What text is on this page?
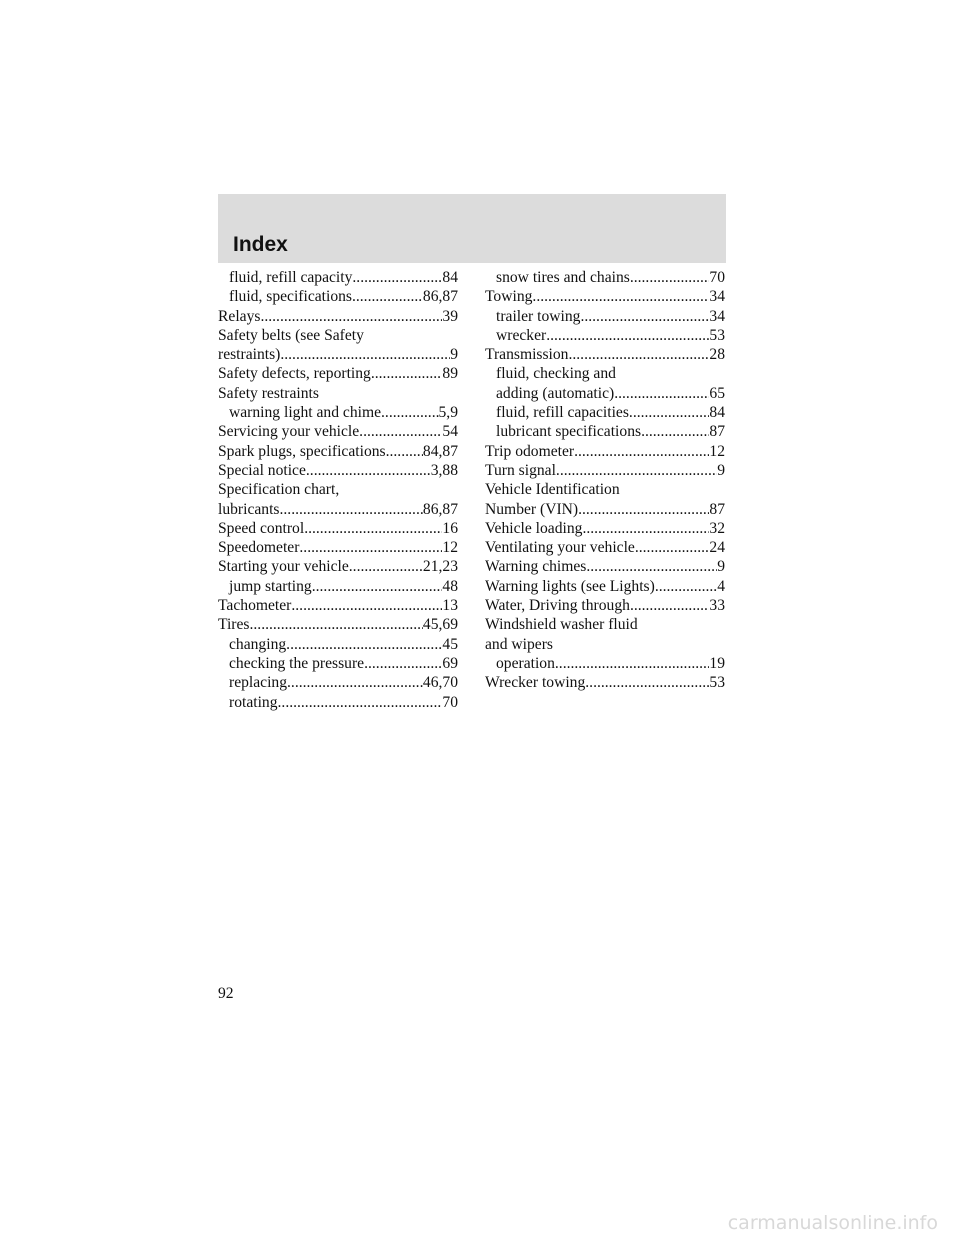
Index
fluid, refill capacity .....	84
fluid, specifications .....	86,87
Relays .....	39
Safety belts (see Safety
restraints) .....	9
Safety defects, reporting .....	89
Safety restraints
warning light and chime .....	5,9
Servicing your vehicle .....	54
Spark plugs, specifications ..... 84,87
Special notice .....	3,88
Specification chart,
lubricants .....	86,87
Speed control .....	16
Speedometer .....	12
Starting your vehicle .....	21,23
jump starting .....	48
Tachometer .....	13
Tires .....	45,69
changing .....	45
checking the pressure .....	69
replacing .....	46,70
rotating .....	70
snow tires and chains .....	70
Towing .....	34
trailer towing .....	34
wrecker .....	53
Transmission .....	28
fluid, checking and
adding (automatic) .....	65
fluid, refill capacities .....	84
lubricant specifications .....	87
Trip odometer .....	12
Turn signal .....	9
Vehicle Identification
Number (VIN) .....	87
Vehicle loading .....	32
Ventilating your vehicle .....	24
Warning chimes .....	9
Warning lights (see Lights) .....	4
Water, Driving through .....	33
Windshield washer fluid
and wipers
operation .....	19
Wrecker towing .....	53
92
carmanualsonline.info
